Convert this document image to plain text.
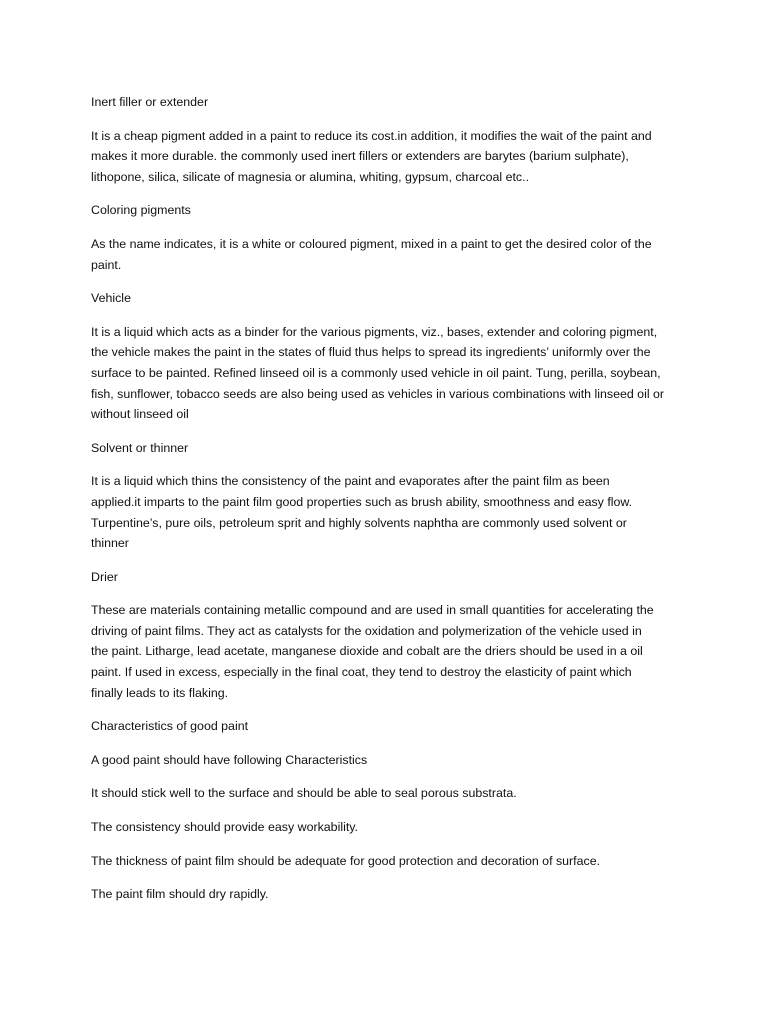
Inert filler or extender
It is a cheap pigment added in a paint to reduce its cost.in addition, it modifies the wait of the paint and
makes it more durable. the commonly used inert fillers or extenders are barytes (barium sulphate),
lithopone, silica, silicate of magnesia or alumina, whiting, gypsum, charcoal etc..
Coloring pigments
As the name indicates, it is a white or coloured pigment, mixed in a paint to get the desired color of the
paint.
Vehicle
It is a liquid which acts as a binder for the various pigments, viz., bases, extender and coloring pigment,
the vehicle makes the paint in the states of fluid thus helps to spread its ingredients’ uniformly over the
surface to be painted. Refined linseed oil is a commonly used vehicle in oil paint. Tung, perilla, soybean,
fish, sunflower, tobacco seeds are also being used as vehicles in various combinations with linseed oil or
without linseed oil
Solvent or thinner
It is a liquid which thins the consistency of the paint and evaporates after the paint film as been
applied.it imparts to the paint film good properties such as brush ability, smoothness and easy flow.
Turpentine’s, pure oils, petroleum sprit and highly solvents naphtha are commonly used solvent or
thinner
Drier
These are materials containing metallic compound and are used in small quantities for accelerating the
driving of paint films. They act as catalysts for the oxidation and polymerization of the vehicle used in
the paint. Litharge, lead acetate, manganese dioxide and cobalt are the driers should be used in a oil
paint. If used in excess, especially in the final coat, they tend to destroy the elasticity of paint which
finally leads to its flaking.
Characteristics of good paint
A good paint should have following Characteristics
It should stick well to the surface and should be able to seal porous substrata.
The consistency should provide easy workability.
The thickness of paint film should be adequate for good protection and decoration of surface.
The paint film should dry rapidly.
